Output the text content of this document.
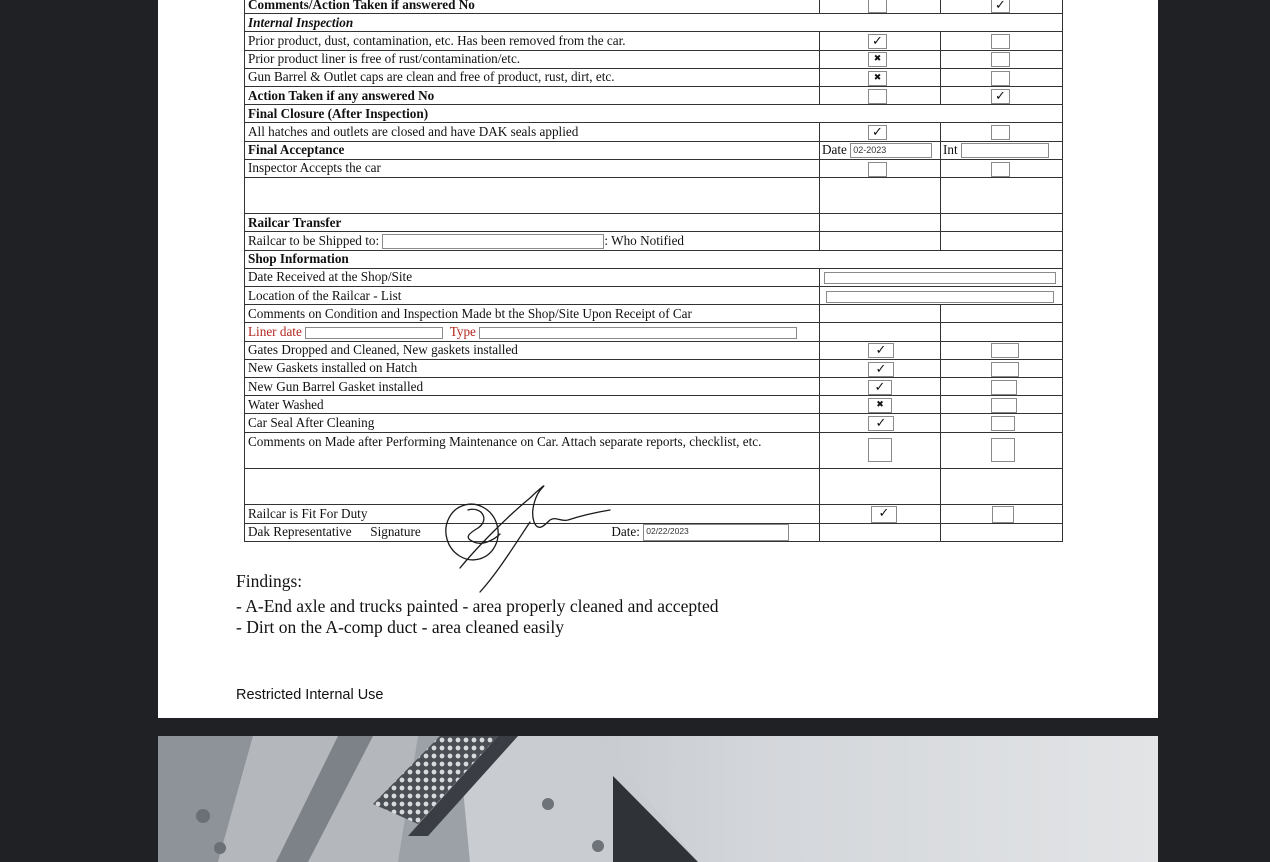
Comments/Action Taken if answered No		✓

Internal Inspection		
Prior product, dust, contamination, etc. Has been removed from the car.	✓	

Prior product liner is free of rust/contamination/etc.	✖	

Gun Barrel & Outlet caps are clean and free of product, rust, dirt, etc.	✖	

Action Taken if any answered No		✓

Final Closure (After Inspection)		
All hatches and outlets are closed and have DAK seals applied	✓	

Final Acceptance	Date 02-2023	Int
Inspector Accepts the car	

Railcar Transfer		
Railcar to be Shipped to: : Who Notified		
Shop Information		
Date Received at the Shop/Site		
Location of the Railcar - List		
Comments on Condition and Inspection Made bt the Shop/Site Upon Receipt of Car		
Liner date Type		
Gates Dropped and Cleaned, New gaskets installed	✓	

New Gaskets installed on Hatch	✓	

New Gun Barrel Gasket installed	✓	

Water Washed	✖	

Car Seal After Cleaning	✓	

Comments on Made after Performing Maintenance on Car. Attach separate reports, checklist, etc.	

Railcar is Fit For Duty	✓	

Dak Representative Signature Date: 02/22/2023		
Findings:
- A-End axle and trucks painted - area properly cleaned and accepted
- Dirt on the A-comp duct - area cleaned easily
Restricted Internal Use
